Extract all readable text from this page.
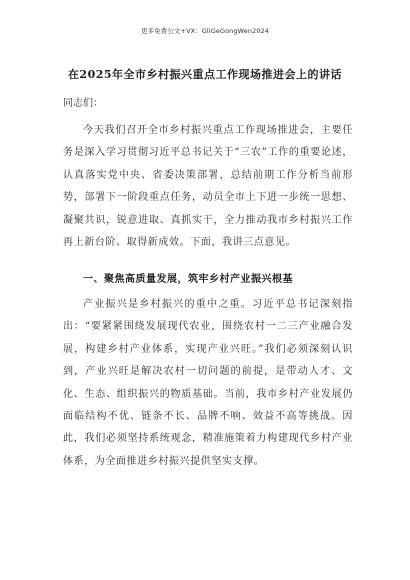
更多免费公文+VX：GliGeGongWen2024
在2025年全市乡村振兴重点工作现场推进会上的讲话
同志们：
今天我们召开全市乡村振兴重点工作现场推进会，主要任务是深入学习贯彻习近平总书记关于“三农”工作的重要论述，认真落实党中央、省委决策部署，总结前期工作分析当前形势，部署下一阶段重点任务，动员全市上下进一步统一思想、凝聚共识，锐意进取、真抓实干，全力推动我市乡村振兴工作再上新台阶、取得新成效。下面，我讲三点意见。
一、聚焦高质量发展，筑牢乡村产业振兴根基
产业振兴是乡村振兴的重中之重。习近平总书记深刻指出：“要紧紧围绕发展现代农业，围绕农村一二三产业融合发展，构建乡村产业体系，实现产业兴旺。”我们必须深刻认识到，产业兴旺是解决农村一切问题的前提，是带动人才、文化、生态、组织振兴的物质基础。当前，我市乡村产业发展仍面临结构不优、链条不长、品牌不响、效益不高等挑战。因此，我们必须坚持系统观念，精准施策着力构建现代乡村产业体系，为全面推进乡村振兴提供坚实支撑。
